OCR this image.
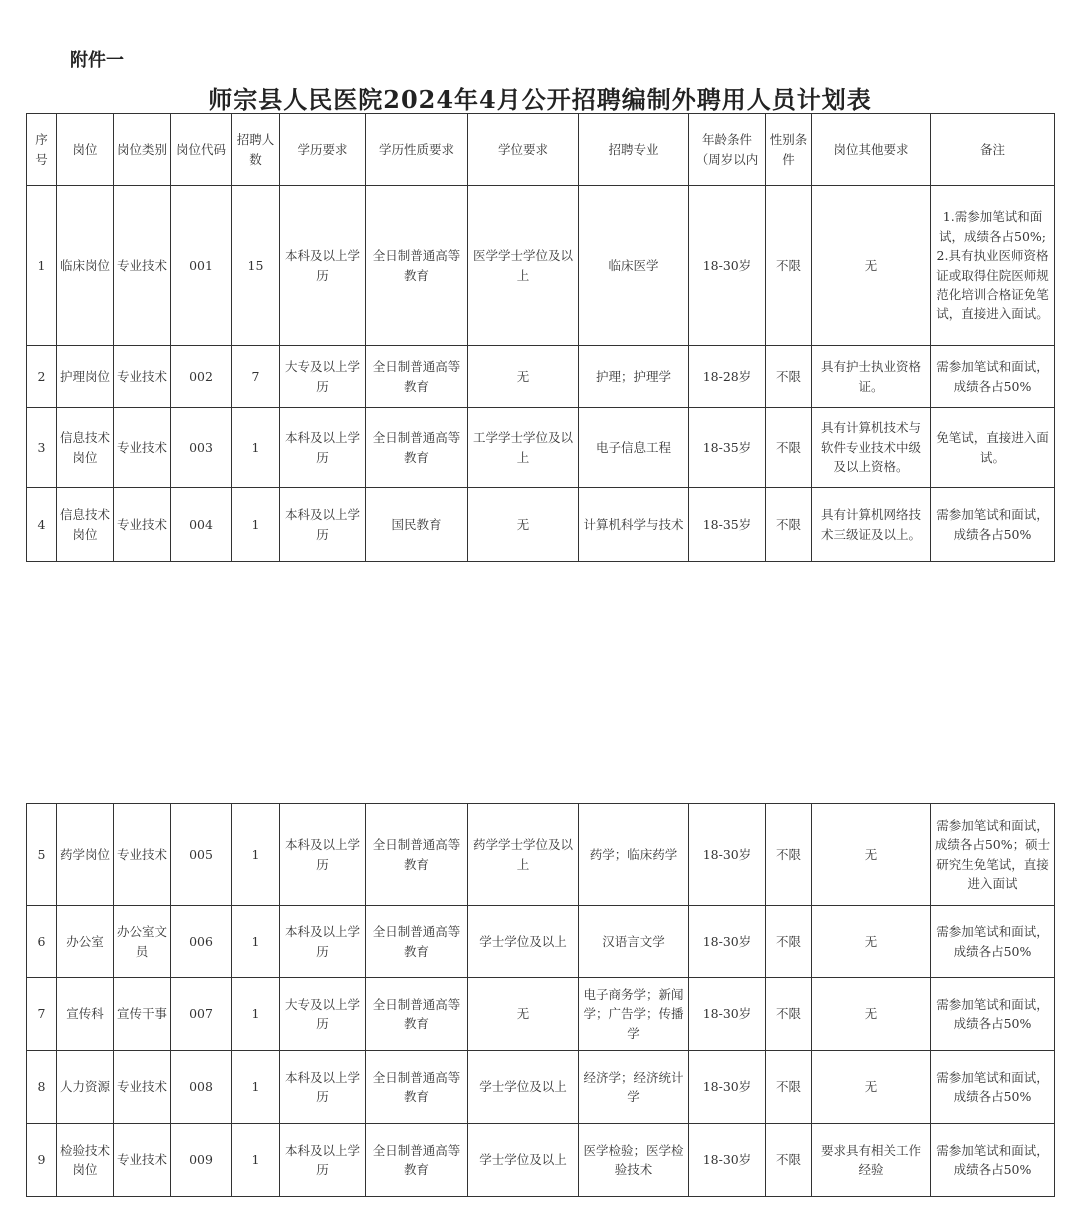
附件一
师宗县人民医院2024年4月公开招聘编制外聘用人员计划表
序号	岗位	岗位类别	岗位代码	招聘人数	学历要求	学历性质要求	学位要求	招聘专业	年龄条件（周岁以内	性别条件	岗位其他要求	备注
1	临床岗位	专业技术	001	15	本科及以上学历	全日制普通高等教育	医学学士学位及以上	临床医学	18-30岁	不限	无	1.需参加笔试和面试，成绩各占50%;2.具有执业医师资格证或取得住院医师规范化培训合格证免笔试，直接进入面试。
2	护理岗位	专业技术	002	7	大专及以上学历	全日制普通高等教育	无	护理；护理学	18-28岁	不限	具有护士执业资格证。	需参加笔试和面试，成绩各占50%
3	信息技术岗位	专业技术	003	1	本科及以上学历	全日制普通高等教育	工学学士学位及以上	电子信息工程	18-35岁	不限	具有计算机技术与软件专业技术中级及以上资格。	免笔试，直接进入面试。
4	信息技术岗位	专业技术	004	1	本科及以上学历	国民教育	无	计算机科学与技术	18-35岁	不限	具有计算机网络技术三级证及以上。	需参加笔试和面试，成绩各占50%
5	药学岗位	专业技术	005	1	本科及以上学历	全日制普通高等教育	药学学士学位及以上	药学；临床药学	18-30岁	不限	无	需参加笔试和面试，成绩各占50%；硕士研究生免笔试，直接进入面试
6	办公室	办公室文员	006	1	本科及以上学历	全日制普通高等教育	学士学位及以上	汉语言文学	18-30岁	不限	无	需参加笔试和面试，成绩各占50%
7	宣传科	宣传干事	007	1	大专及以上学历	全日制普通高等教育	无	电子商务学；新闻学；广告学；传播学	18-30岁	不限	无	需参加笔试和面试，成绩各占50%
8	人力资源	专业技术	008	1	本科及以上学历	全日制普通高等教育	学士学位及以上	经济学；经济统计学	18-30岁	不限	无	需参加笔试和面试，成绩各占50%
9	检验技术岗位	专业技术	009	1	本科及以上学历	全日制普通高等教育	学士学位及以上	医学检验；医学检验技术	18-30岁	不限	要求具有相关工作经验	需参加笔试和面试，成绩各占50%
